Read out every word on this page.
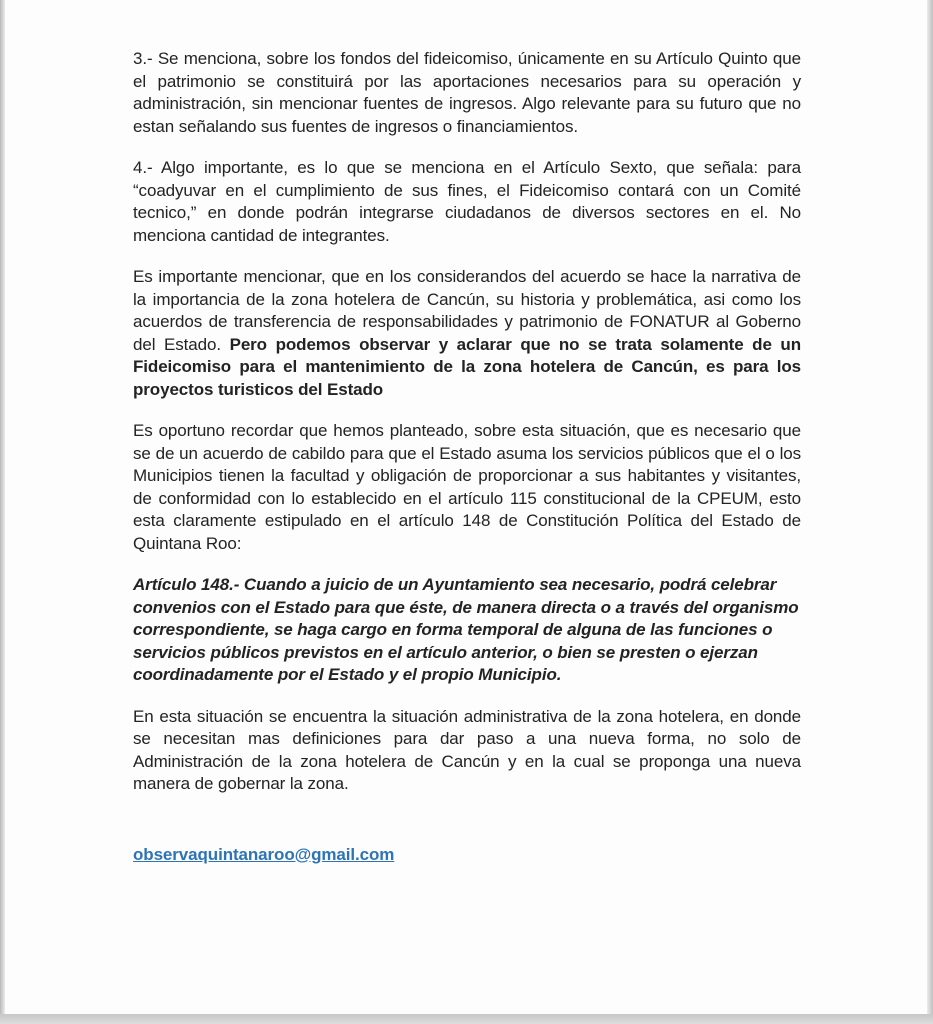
3.- Se menciona, sobre los fondos del fideicomiso, únicamente en su Artículo Quinto que el patrimonio se constituirá por las aportaciones necesarios para su operación y administración, sin mencionar fuentes de ingresos. Algo relevante para su futuro que no estan señalando sus fuentes de ingresos o financiamientos.

4.- Algo importante, es lo que se menciona en el Artículo Sexto, que señala: para “coadyuvar en el cumplimiento de sus fines, el Fideicomiso contará con un Comité tecnico,” en donde podrán integrarse ciudadanos de diversos sectores en el. No menciona cantidad de integrantes.

Es importante mencionar, que en los considerandos del acuerdo se hace la narrativa de la importancia de la zona hotelera de Cancún, su historia y problemática, asi como los acuerdos de transferencia de responsabilidades y patrimonio de FONATUR al Goberno del Estado. Pero podemos observar y aclarar que no se trata solamente de un Fideicomiso para el mantenimiento de la zona hotelera de Cancún, es para los proyectos turisticos del Estado

Es oportuno recordar que hemos planteado, sobre esta situación, que es necesario que se de un acuerdo de cabildo para que el Estado asuma los servicios públicos que el o los Municipios tienen la facultad y obligación de proporcionar a sus habitantes y visitantes, de conformidad con lo establecido en el artículo 115 constitucional de la CPEUM, esto esta claramente estipulado en el artículo 148 de Constitución Política del Estado de Quintana Roo:

Artículo 148.- Cuando a juicio de un Ayuntamiento sea necesario, podrá celebrar convenios con el Estado para que éste, de manera directa o a través del organismo correspondiente, se haga cargo en forma temporal de alguna de las funciones o servicios públicos previstos en el artículo anterior, o bien se presten o ejerzan coordinadamente por el Estado y el propio Municipio.

En esta situación se encuentra la situación administrativa de la zona hotelera, en donde se necesitan mas definiciones para dar paso a una nueva forma, no solo de Administración de la zona hotelera de Cancún y en la cual se proponga una nueva manera de gobernar la zona.

observaquintanaroo@gmail.com
